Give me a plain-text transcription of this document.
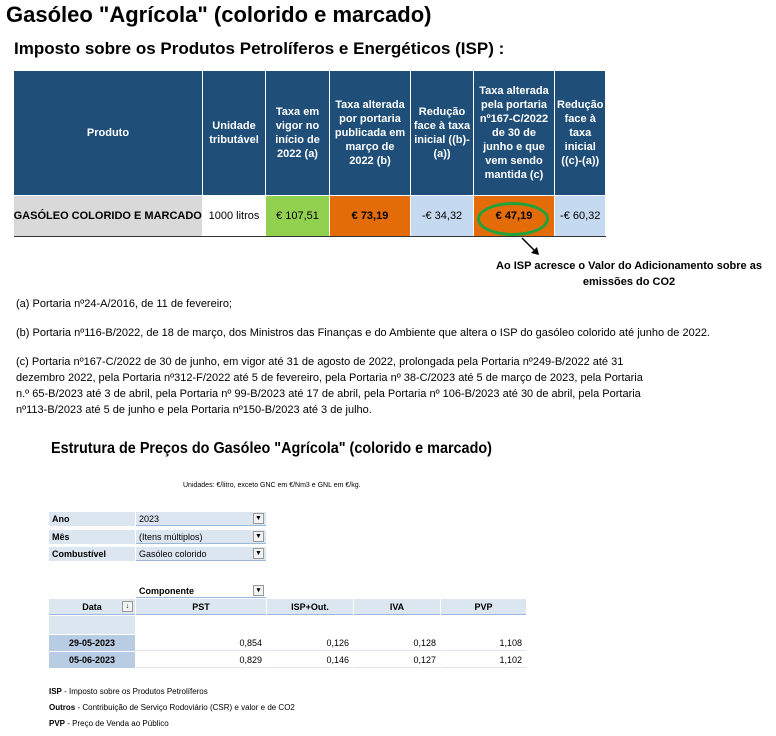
Gasóleo "Agrícola" (colorido e marcado)
Imposto sobre os Produtos Petrolíferos e Energéticos (ISP) :
Produto	Unidade tributável	Taxa em vigor no início de 2022 (a)	Taxa alterada por portaria publicada em março de 2022 (b)	Redução face à taxa inicial ((b)-(a))	Taxa alterada pela portaria nº167-C/2022 de 30 de junho e que vem sendo mantida (c)	Redução face à taxa inicial ((c)-(a))
GASÓLEO COLORIDO E MARCADO	1000 litros	€ 107,51	€ 73,19	-€ 34,32	€ 47,19	-€ 60,32
Ao ISP acresce o Valor do Adicionamento sobre as emissões do CO2
(a) Portaria nº24-A/2016, de 11 de fevereiro;
(b) Portaria nº116-B/2022, de 18 de março, dos Ministros das Finanças e do Ambiente que altera o ISP do gasóleo colorido até junho de 2022.
(c) Portaria nº167-C/2022 de 30 de junho, em vigor até 31 de agosto de 2022, prolongada pela Portaria nº249-B/2022 até 31 dezembro 2022, pela Portaria nº312-F/2022 até 5 de fevereiro, pela Portaria nº 38-C/2023 até 5 de março de 2023, pela Portaria n.º 65-B/2023 até 3 de abril, pela Portaria nº 99-B/2023 até 17 de abril, pela Portaria nº 106-B/2023 até 30 de abril, pela Portaria nº113-B/2023 até 5 de junho e pela Portaria nº150-B/2023 até 3 de julho.
Estrutura de Preços do Gasóleo "Agrícola" (colorido e marcado)
Unidades: €/litro, exceto GNC em €/Nm3 e GNL em €/kg.
Ano	2023	▼
Mês	(Itens múltiplos)	▼
Combustível	Gasóleo colorido	▼
Componente	▾
Data	↓	PST	ISP+Out.	IVA	PVP
29-05-2023	0,854	0,126	0,128	1,108
05-06-2023	0,829	0,146	0,127	1,102
ISP - Imposto sobre os Produtos Petrolíferos
Outros - Contribuição de Serviço Rodoviário (CSR) e valor e de CO2
PVP - Preço de Venda ao Público
